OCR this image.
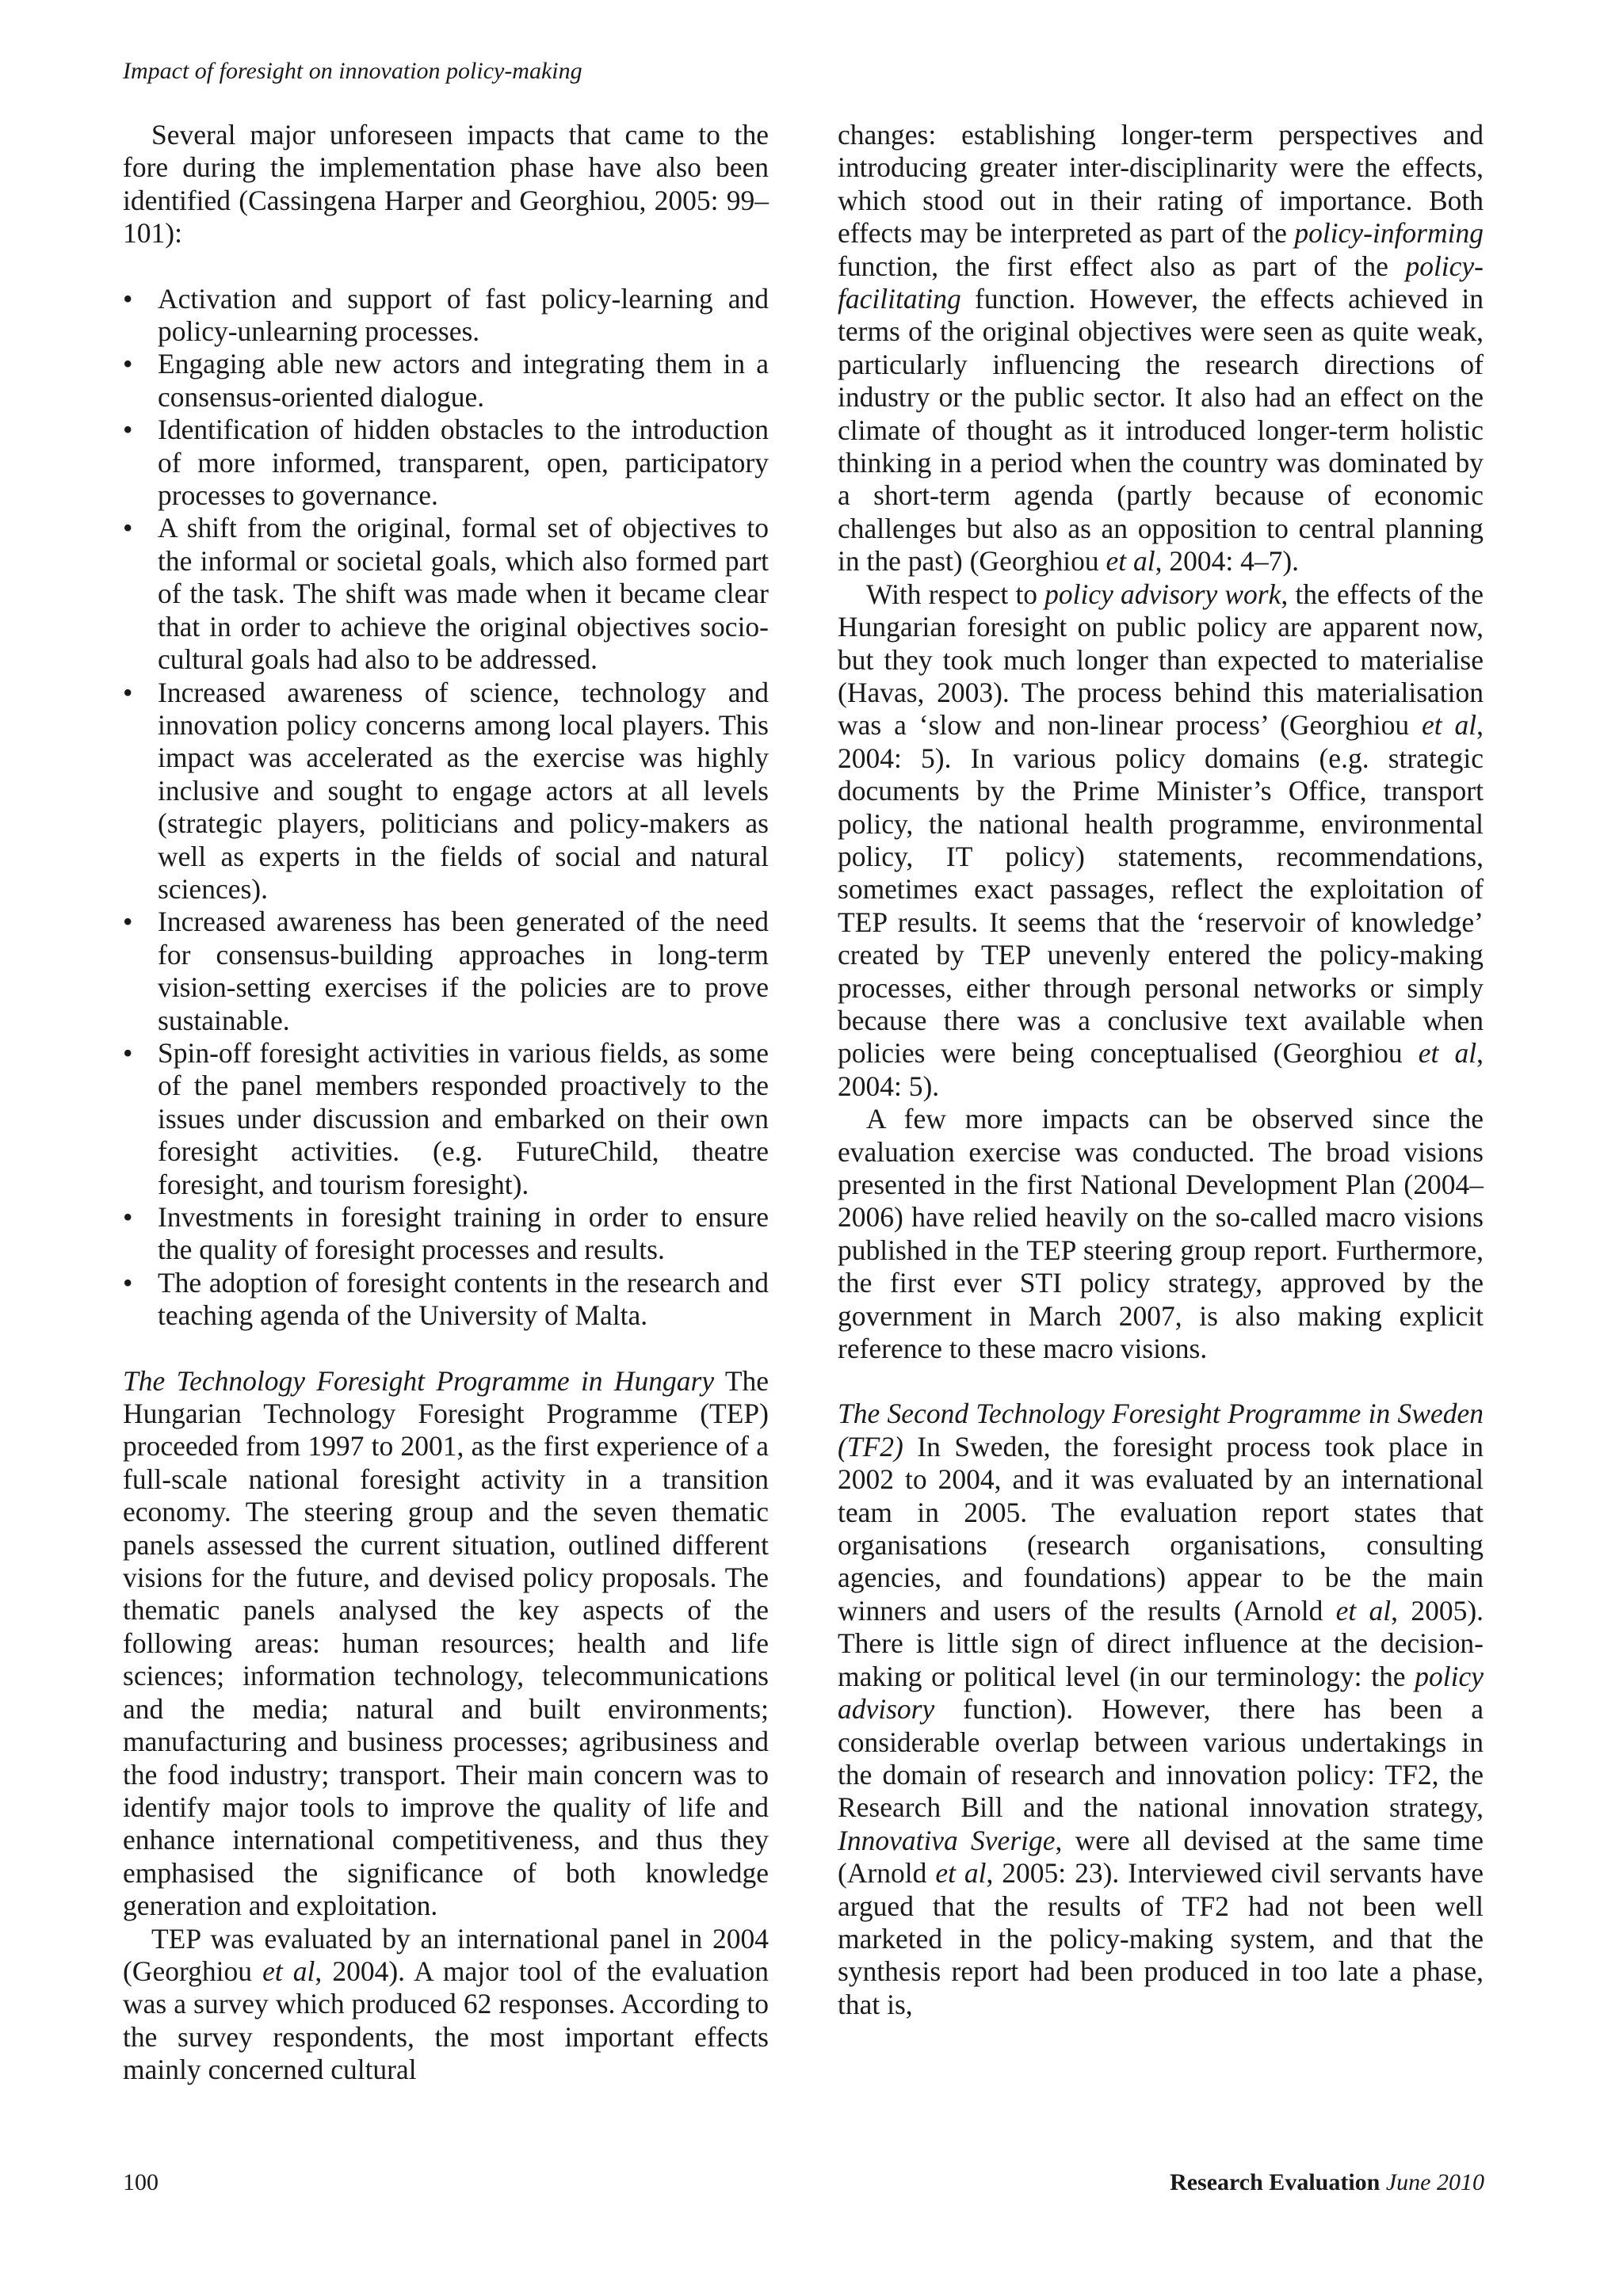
Impact of foresight on innovation policy-making

Several major unforeseen impacts that came to the fore during the implementation phase have also been identified (Cassingena Harper and Georghiou, 2005: 99–101):

• Activation and support of fast policy-learning and policy-unlearning processes.
• Engaging able new actors and integrating them in a consensus-oriented dialogue.
• Identification of hidden obstacles to the introduction of more informed, transparent, open, participatory processes to governance.
• A shift from the original, formal set of objectives to the informal or societal goals, which also formed part of the task. The shift was made when it became clear that in order to achieve the original objectives socio-cultural goals had also to be addressed.
• Increased awareness of science, technology and innovation policy concerns among local players. This impact was accelerated as the exercise was highly inclusive and sought to engage actors at all levels (strategic players, politicians and policy-makers as well as experts in the fields of social and natural sciences).
• Increased awareness has been generated of the need for consensus-building approaches in long-term vision-setting exercises if the policies are to prove sustainable.
• Spin-off foresight activities in various fields, as some of the panel members responded proactively to the issues under discussion and embarked on their own foresight activities. (e.g. FutureChild, theatre foresight, and tourism foresight).
• Investments in foresight training in order to ensure the quality of foresight processes and results.
• The adoption of foresight contents in the research and teaching agenda of the University of Malta.

The Technology Foresight Programme in Hungary The Hungarian Technology Foresight Programme (TEP) proceeded from 1997 to 2001, as the first experience of a full-scale national foresight activity in a transition economy. The steering group and the seven thematic panels assessed the current situation, outlined different visions for the future, and devised policy proposals. The thematic panels analysed the key aspects of the following areas: human resources; health and life sciences; information technology, telecommunications and the media; natural and built environments; manufacturing and business processes; agribusiness and the food industry; transport. Their main concern was to identify major tools to improve the quality of life and enhance international competitiveness, and thus they emphasised the significance of both knowledge generation and exploitation.

TEP was evaluated by an international panel in 2004 (Georghiou et al, 2004). A major tool of the evaluation was a survey which produced 62 responses. According to the survey respondents, the most important effects mainly concerned cultural

changes: establishing longer-term perspectives and introducing greater inter-disciplinarity were the effects, which stood out in their rating of importance. Both effects may be interpreted as part of the policy-informing function, the first effect also as part of the policy-facilitating function. However, the effects achieved in terms of the original objectives were seen as quite weak, particularly influencing the research directions of industry or the public sector. It also had an effect on the climate of thought as it introduced longer-term holistic thinking in a period when the country was dominated by a short-term agenda (partly because of economic challenges but also as an opposition to central planning in the past) (Georghiou et al, 2004: 4–7).

With respect to policy advisory work, the effects of the Hungarian foresight on public policy are apparent now, but they took much longer than expected to materialise (Havas, 2003). The process behind this materialisation was a ‘slow and non-linear process’ (Georghiou et al, 2004: 5). In various policy domains (e.g. strategic documents by the Prime Minister’s Office, transport policy, the national health programme, environmental policy, IT policy) statements, recommendations, sometimes exact passages, reflect the exploitation of TEP results. It seems that the ‘reservoir of knowledge’ created by TEP unevenly entered the policy-making processes, either through personal networks or simply because there was a conclusive text available when policies were being conceptualised (Georghiou et al, 2004: 5).

A few more impacts can be observed since the evaluation exercise was conducted. The broad visions presented in the first National Development Plan (2004–2006) have relied heavily on the so-called macro visions published in the TEP steering group report. Furthermore, the first ever STI policy strategy, approved by the government in March 2007, is also making explicit reference to these macro visions.

The Second Technology Foresight Programme in Sweden (TF2) In Sweden, the foresight process took place in 2002 to 2004, and it was evaluated by an international team in 2005. The evaluation report states that organisations (research organisations, consulting agencies, and foundations) appear to be the main winners and users of the results (Arnold et al, 2005). There is little sign of direct influence at the decision-making or political level (in our terminology: the policy advisory function). However, there has been a considerable overlap between various undertakings in the domain of research and innovation policy: TF2, the Research Bill and the national innovation strategy, Innovativa Sverige, were all devised at the same time (Arnold et al, 2005: 23). Interviewed civil servants have argued that the results of TF2 had not been well marketed in the policy-making system, and that the synthesis report had been produced in too late a phase, that is,

100	Research Evaluation June 2010
